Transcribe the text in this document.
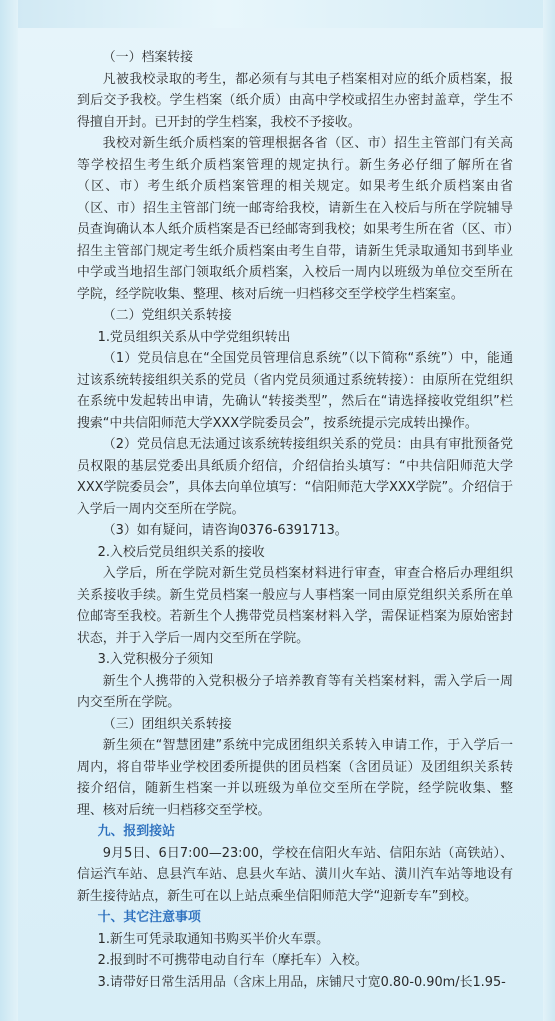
（一）档案转接

凡被我校录取的考生，都必须有与其电子档案相对应的纸介质档案，报到后交予我校。学生档案（纸介质）由高中学校或招生办密封盖章，学生不得擅自开封。已开封的学生档案，我校不予接收。

我校对新生纸介质档案的管理根据各省（区、市）招生主管部门有关高等学校招生考生纸介质档案管理的规定执行。新生务必仔细了解所在省（区、市）考生纸介质档案管理的相关规定。如果考生纸介质档案由省（区、市）招生主管部门统一邮寄给我校，请新生在入校后与所在学院辅导员查询确认本人纸介质档案是否已经邮寄到我校；如果考生所在省（区、市）招生主管部门规定考生纸介质档案由考生自带，请新生凭录取通知书到毕业中学或当地招生部门领取纸介质档案，入校后一周内以班级为单位交至所在学院，经学院收集、整理、核对后统一归档移交至学校学生档案室。

（二）党组织关系转接

1.党员组织关系从中学党组织转出

（1）党员信息在“全国党员管理信息系统”（以下简称“系统”）中，能通过该系统转接组织关系的党员（省内党员须通过系统转接）：由原所在党组织在系统中发起转出申请，先确认“转接类型”，然后在“请选择接收党组织”栏搜索“中共信阳师范大学XXX学院委员会”，按系统提示完成转出操作。

（2）党员信息无法通过该系统转接组织关系的党员：由具有审批预备党员权限的基层党委出具纸质介绍信，介绍信抬头填写：“中共信阳师范大学XXX学院委员会”，具体去向单位填写：“信阳师范大学XXX学院”。介绍信于入学后一周内交至所在学院。

（3）如有疑问，请咨询0376-6391713。

2.入校后党员组织关系的接收

入学后，所在学院对新生党员档案材料进行审查，审查合格后办理组织关系接收手续。新生党员档案一般应与人事档案一同由原党组织关系所在单位邮寄至我校。若新生个人携带党员档案材料入学，需保证档案为原始密封状态，并于入学后一周内交至所在学院。

3.入党积极分子须知

新生个人携带的入党积极分子培养教育等有关档案材料，需入学后一周内交至所在学院。

（三）团组织关系转接

新生须在“智慧团建”系统中完成团组织关系转入申请工作，于入学后一周内，将自带毕业学校团委所提供的团员档案（含团员证）及团组织关系转接介绍信，随新生档案一并以班级为单位交至所在学院，经学院收集、整理、核对后统一归档移交至学校。

九、报到接站

9月5日、6日7:00—23:00，学校在信阳火车站、信阳东站（高铁站）、信运汽车站、息县汽车站、息县火车站、潢川火车站、潢川汽车站等地设有新生接待站点，新生可在以上站点乘坐信阳师范大学“迎新专车”到校。

十、其它注意事项

1.新生可凭录取通知书购买半价火车票。

2.报到时不可携带电动自行车（摩托车）入校。

3.请带好日常生活用品（含床上用品，床铺尺寸宽0.80-0.90m/长1.95-
